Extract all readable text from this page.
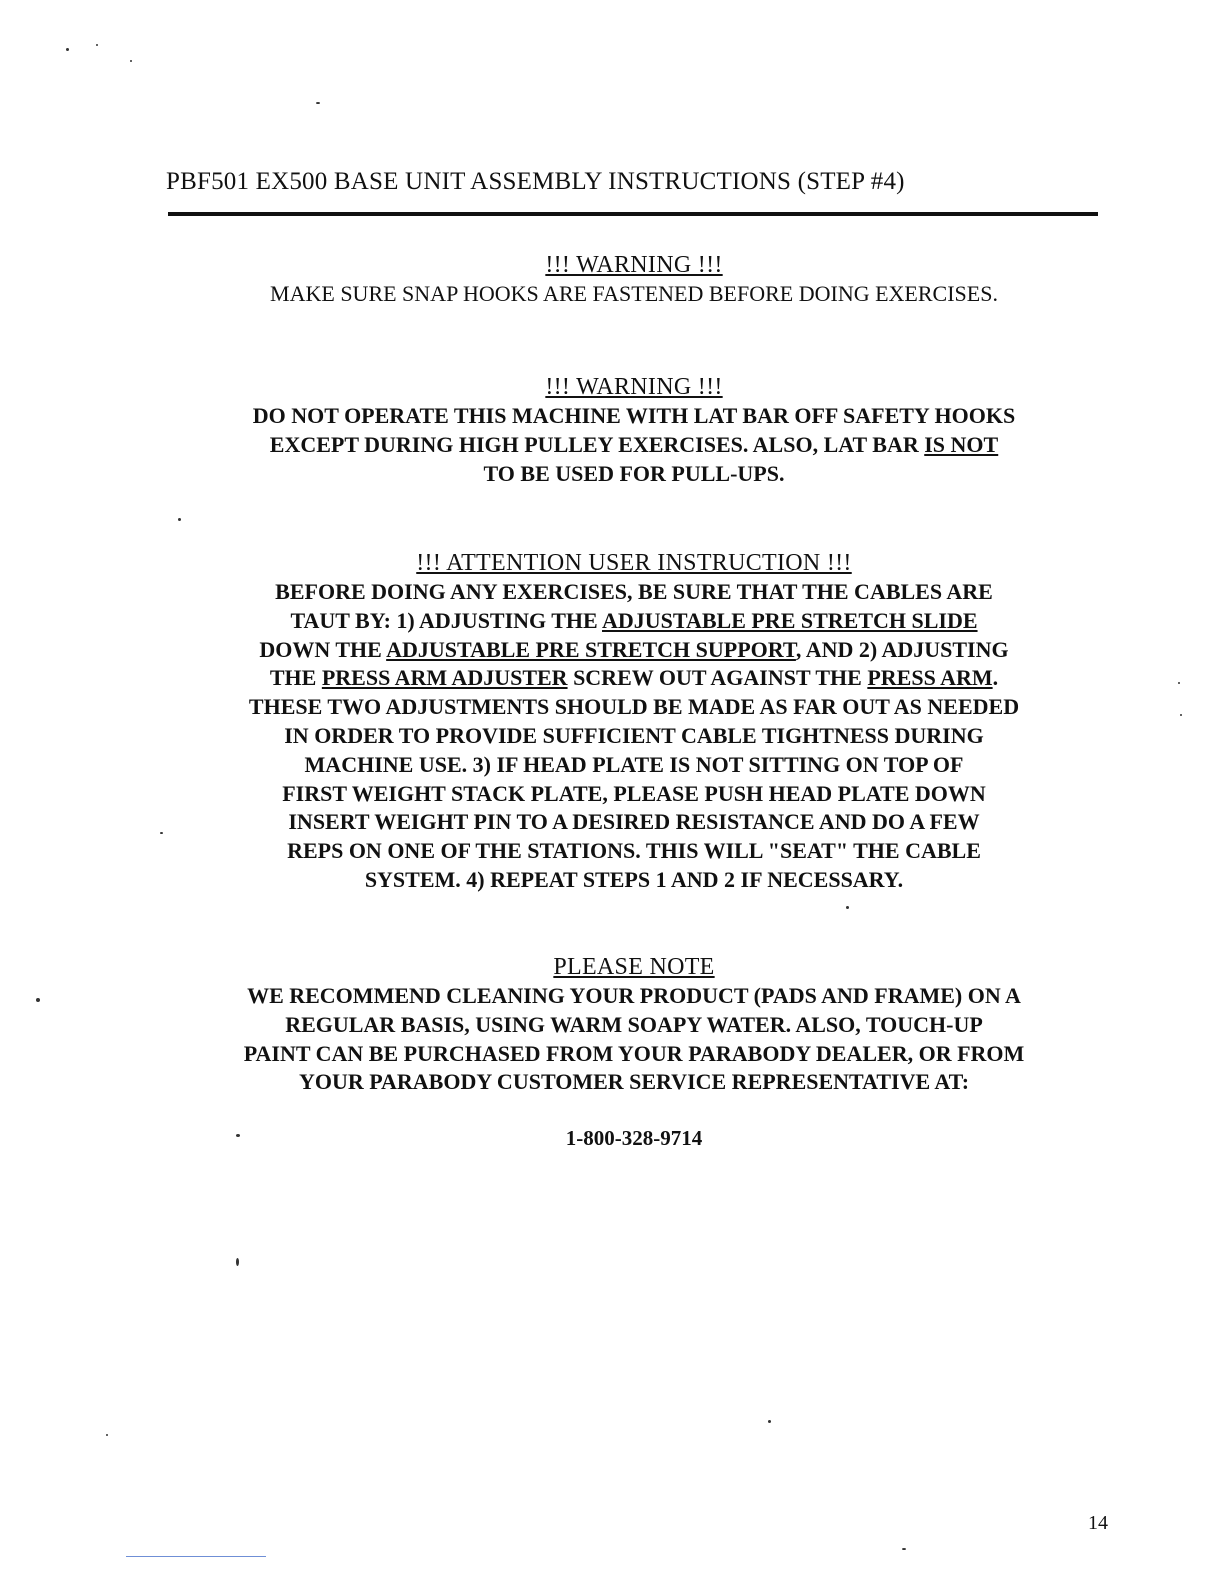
PBF501 EX500 BASE UNIT ASSEMBLY INSTRUCTIONS (STEP #4)
!!! WARNING !!!
MAKE SURE SNAP HOOKS ARE FASTENED BEFORE DOING EXERCISES.
!!! WARNING !!!
DO NOT OPERATE THIS MACHINE WITH LAT BAR OFF SAFETY HOOKS
EXCEPT DURING HIGH PULLEY EXERCISES. ALSO, LAT BAR IS NOT
TO BE USED FOR PULL-UPS.
!!! ATTENTION USER INSTRUCTION !!!
BEFORE DOING ANY EXERCISES, BE SURE THAT THE CABLES ARE
TAUT BY: 1) ADJUSTING THE ADJUSTABLE PRE STRETCH SLIDE
DOWN THE ADJUSTABLE PRE STRETCH SUPPORT, AND 2) ADJUSTING
THE PRESS ARM ADJUSTER SCREW OUT AGAINST THE PRESS ARM.
THESE TWO ADJUSTMENTS SHOULD BE MADE AS FAR OUT AS NEEDED
IN ORDER TO PROVIDE SUFFICIENT CABLE TIGHTNESS DURING
MACHINE USE. 3) IF HEAD PLATE IS NOT SITTING ON TOP OF
FIRST WEIGHT STACK PLATE, PLEASE PUSH HEAD PLATE DOWN
INSERT WEIGHT PIN TO A DESIRED RESISTANCE AND DO A FEW
REPS ON ONE OF THE STATIONS. THIS WILL "SEAT" THE CABLE
SYSTEM. 4) REPEAT STEPS 1 AND 2 IF NECESSARY.
PLEASE NOTE
WE RECOMMEND CLEANING YOUR PRODUCT (PADS AND FRAME) ON A
REGULAR BASIS, USING WARM SOAPY WATER. ALSO, TOUCH-UP
PAINT CAN BE PURCHASED FROM YOUR PARABODY DEALER, OR FROM
YOUR PARABODY CUSTOMER SERVICE REPRESENTATIVE AT:
1-800-328-9714
14
